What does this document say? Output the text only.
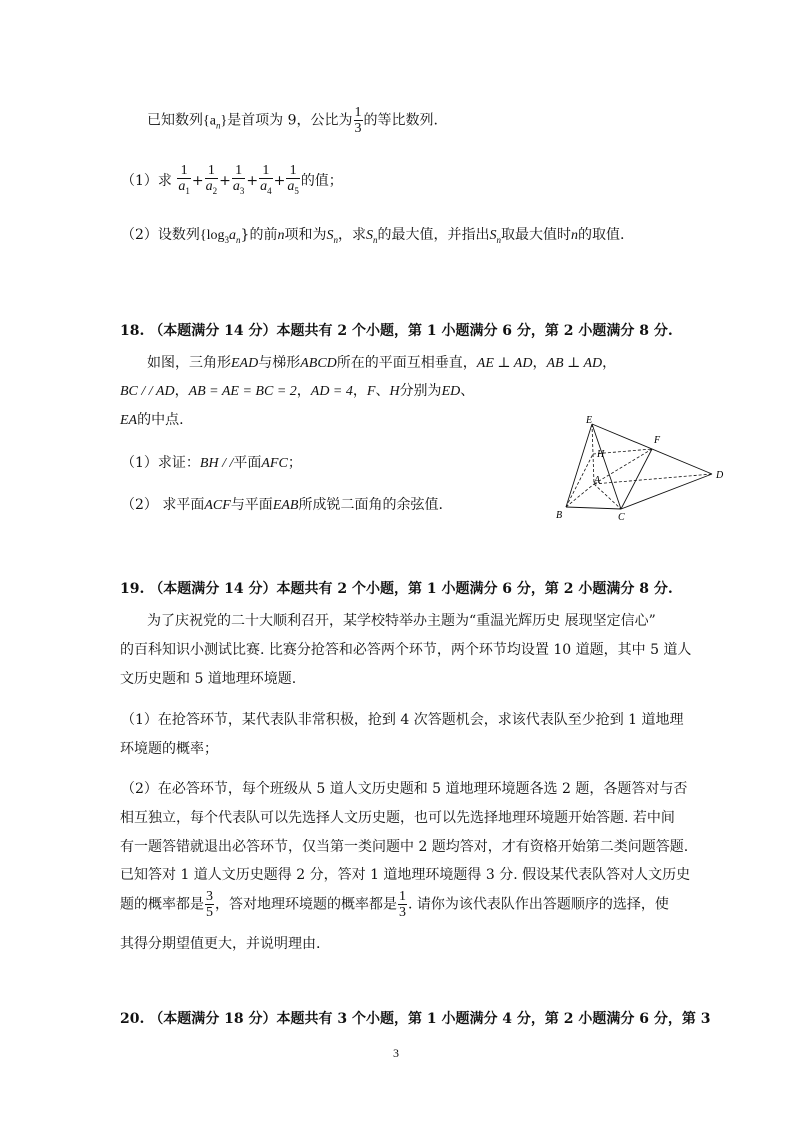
已知数列$\{a_n\}$是首项为 9，公比为 $\frac{1}{3}$ 的等比数列.
（1）求 $\frac{1}{a_1} + \frac{1}{a_2} + \frac{1}{a_3} + \frac{1}{a_4} + \frac{1}{a_5}$ 的值；
（2）设数列$\{\log_3a_n\}$的前n项和为$S_n$，求$S_n$的最大值，并指出$S_n$取最大值时n的取值.
18. （本题满分 14 分）本题共有 2 个小题，第 1 小题满分 6 分，第 2 小题满分 8 分.
如图，三角形EAD与梯形ABCD所在的平面互相垂直，AE ⊥ AD，AB ⊥ AD，
BC / / AD，AB = AE = BC = 2，AD = 4，F、H分别为ED、
EA的中点.
（1）求证：BH / /平面AFC；
（2） 求平面ACF与平面EAB所成锐二面角的余弦值.
E
F
H
A	D
B	C
19. （本题满分 14 分）本题共有 2 个小题，第 1 小题满分 6 分，第 2 小题满分 8 分.
为了庆祝党的二十大顺利召开，某学校特举办主题为“重温光辉历史 展现坚定信心”
的百科知识小测试比赛. 比赛分抢答和必答两个环节，两个环节均设置 10 道题，其中 5 道人
文历史题和 5 道地理环境题.
（1）在抢答环节，某代表队非常积极，抢到 4 次答题机会，求该代表队至少抢到 1 道地理
环境题的概率；
（2）在必答环节，每个班级从 5 道人文历史题和 5 道地理环境题各选 2 题，各题答对与否
相互独立，每个代表队可以先选择人文历史题，也可以先选择地理环境题开始答题. 若中间
有一题答错就退出必答环节，仅当第一类问题中 2 题均答对，才有资格开始第二类问题答题.
已知答对 1 道人文历史题得 2 分，答对 1 道地理环境题得 3 分. 假设某代表队答对人文历史
题的概率都是 $\frac{3}{5}$ ，答对地理环境题的概率都是 $\frac{1}{3}$ . 请你为该代表队作出答题顺序的选择，使
其得分期望值更大，并说明理由.
20. （本题满分 18 分）本题共有 3 个小题，第 1 小题满分 4 分，第 2 小题满分 6 分，第 3
3
